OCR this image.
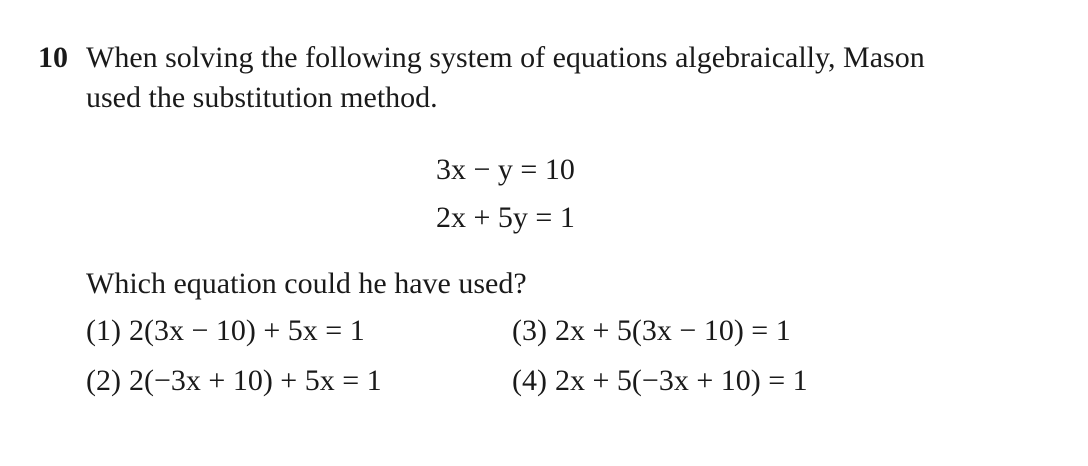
10 When solving the following system of equations algebraically, Mason
used the substitution method.
3x − y = 10
2x + 5y = 1
Which equation could he have used?
(1) 2(3x − 10) + 5x = 1
(2) 2(−3x + 10) + 5x = 1
(3) 2x + 5(3x − 10) = 1
(4) 2x + 5(−3x + 10) = 1
